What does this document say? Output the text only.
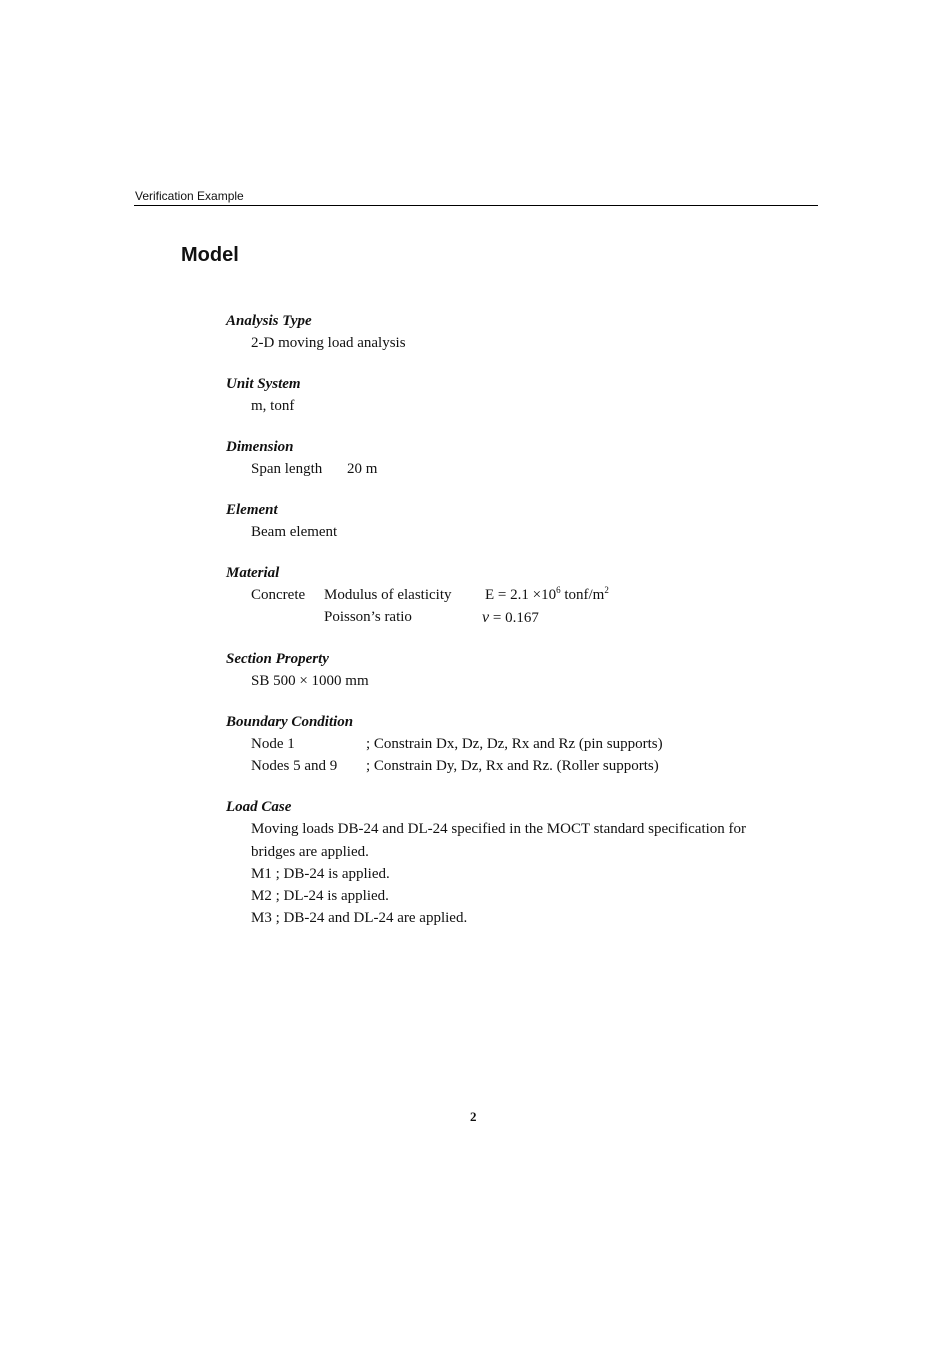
Verification Example
Model
Analysis Type
2-D moving load analysis
Unit System
m, tonf
Dimension
Span length 20 m
Element
Beam element
Material
Concrete Modulus of elasticity $E = 2.1 \times 10^6$ tonf/$m^2$
Poisson’s ratio	ν = 0.167
Section Property
SB 500 × 1000 mm
Boundary Condition
Node 1	; Constrain Dx, Dz, Dz, Rx and Rz (pin supports)
Nodes 5 and 9 ; Constrain Dy, Dz, Rx and Rz. (Roller supports)
Load Case
Moving loads DB-24 and DL-24 specified in the MOCT standard specification for
bridges are applied.
M1 ; DB-24 is applied.
M2 ; DL-24 is applied.
M3 ; DB-24 and DL-24 are applied.
2
